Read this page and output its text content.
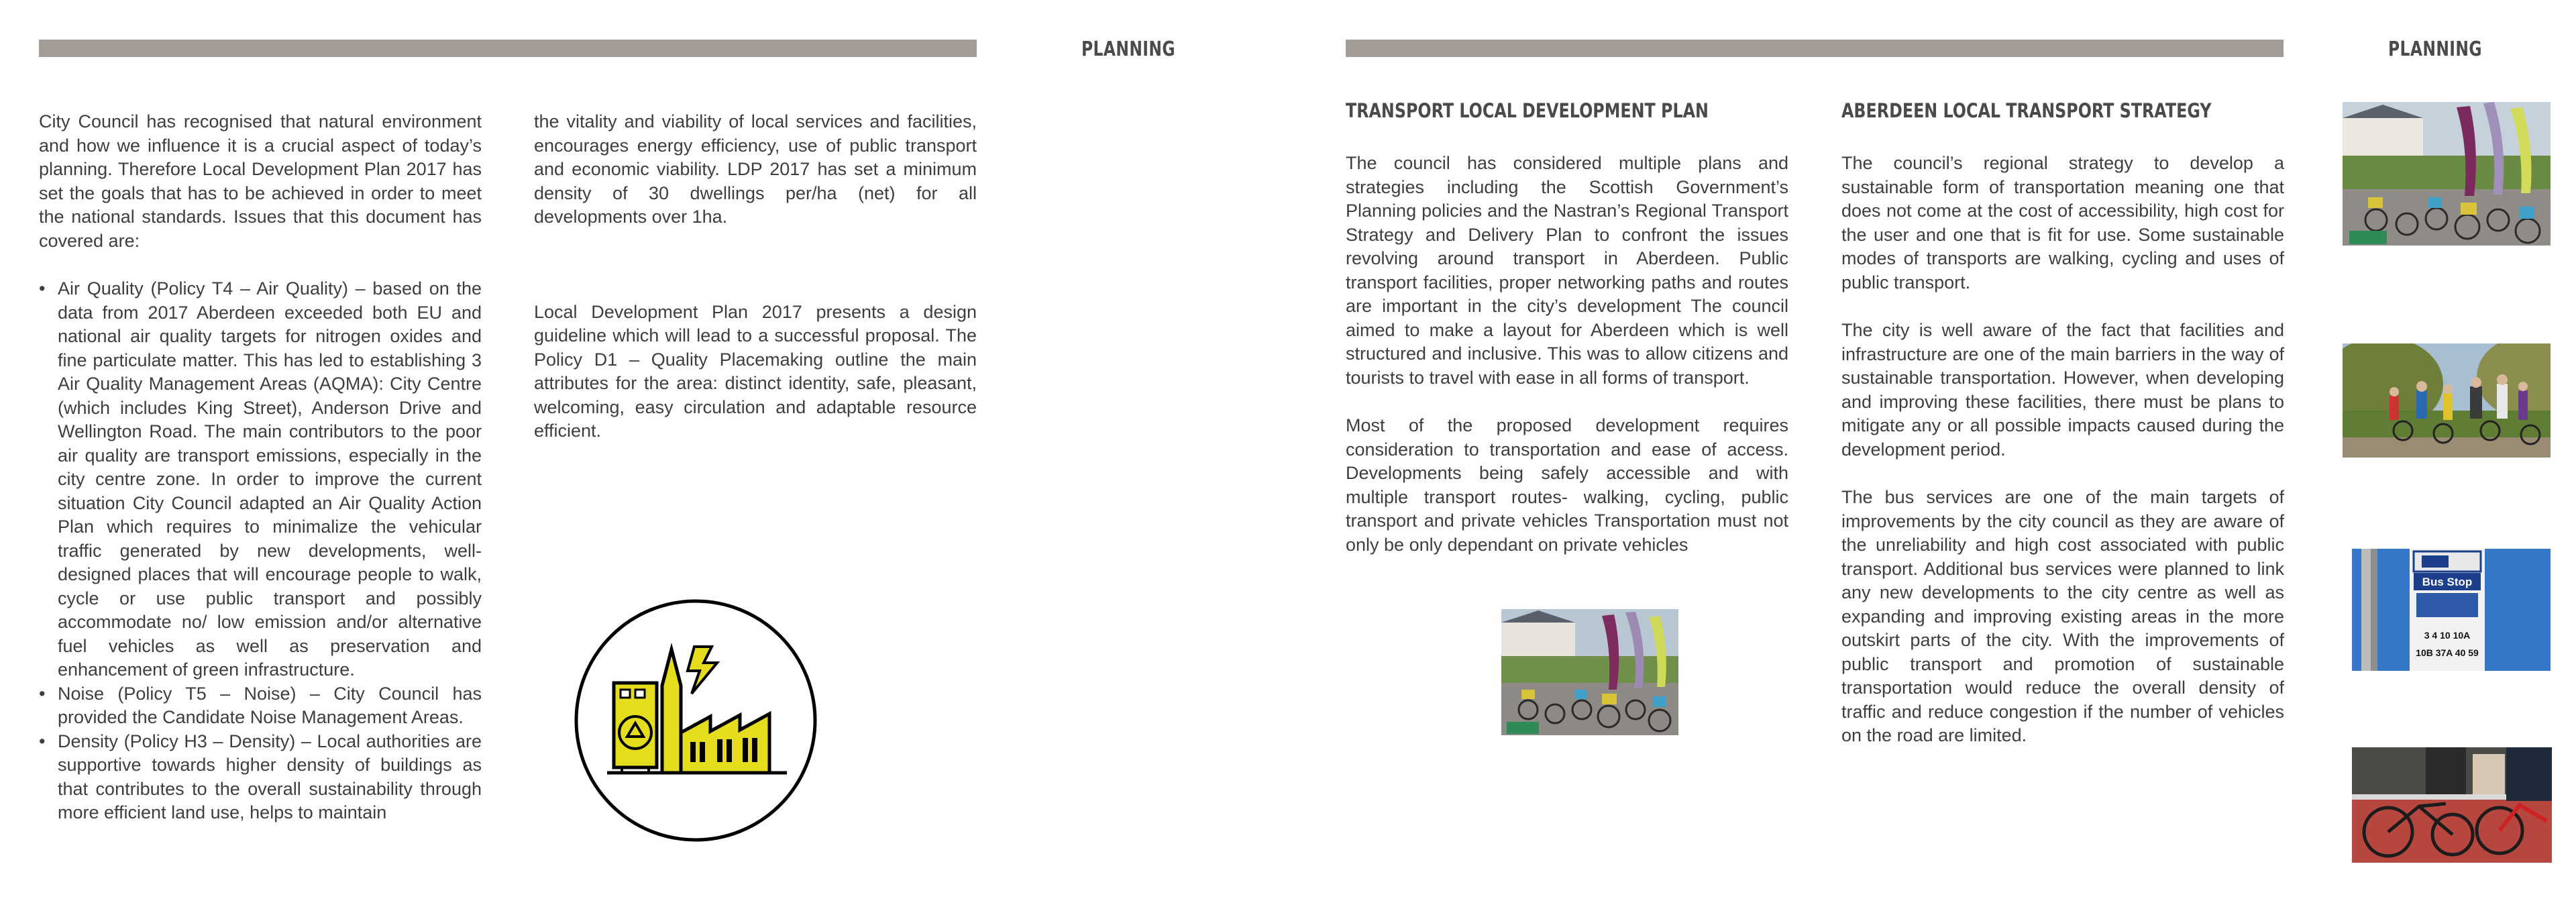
PLANNING

City Council has recognised that natural environment and how we influence it is a crucial aspect of today’s planning. Therefore Local Development Plan 2017 has set the goals that has to be achieved in order to meet the national standards. Issues that this document has covered are:

• Air Quality (Policy T4 – Air Quality) – based on the data from 2017 Aberdeen exceeded both EU and national air quality targets for nitrogen oxides and fine particulate matter. This has led to establishing 3 Air Quality Management Areas (AQMA): City Centre (which includes King Street), Anderson Drive and Wellington Road. The main contributors to the poor air quality are transport emissions, especially in the city centre zone. In order to improve the current situation City Council adapted an Air Quality Action Plan which requires to minimalize the vehicular traffic generated by new developments, well-designed places that will encourage people to walk, cycle or use public transport and possibly accommodate no/ low emission and/or alternative fuel vehicles as well as preservation and enhancement of green infrastructure.
• Noise (Policy T5 – Noise) – City Council has provided the Candidate Noise Management Areas.
• Density (Policy H3 – Density) – Local authorities are supportive towards higher density of buildings as that contributes to the overall sustainability through more efficient land use, helps to maintain

the vitality and viability of local services and facilities, encourages energy efficiency, use of public transport and economic viability. LDP 2017 has set a minimum density of 30 dwellings per/ha (net) for all developments over 1ha.

Local Development Plan 2017 presents a design guideline which will lead to a successful proposal. The Policy D1 – Quality Placemaking outline the main attributes for the area: distinct identity, safe, pleasant, welcoming, easy circulation and adaptable resource efficient.

PLANNING
TRANSPORT LOCAL DEVELOPMENT PLAN

The council has considered multiple plans and strategies including the Scottish Government’s Planning policies and the Nastran’s Regional Transport Strategy and Delivery Plan to confront the issues revolving around transport in Aberdeen. Public transport facilities, proper networking paths and routes are important in the city’s development The council aimed to make a layout for Aberdeen which is well structured and inclusive. This was to allow citizens and tourists to travel with ease in all forms of transport.

Most of the proposed development requires consideration to transportation and ease of access. Developments being safely accessible and with multiple transport routes- walking, cycling, public transport and private vehicles Transportation must not only be only dependant on private vehicles

ABERDEEN LOCAL TRANSPORT STRATEGY

The council’s regional strategy to develop a sustainable form of transportation meaning one that does not come at the cost of accessibility, high cost for the user and one that is fit for use. Some sustainable modes of transports are walking, cycling and uses of public transport.

The city is well aware of the fact that facilities and infrastructure are one of the main barriers in the way of sustainable transportation. However, when developing and improving these facilities, there must be plans to mitigate any or all possible impacts caused during the development period.

The bus services are one of the main targets of improvements by the city council as they are aware of the unreliability and high cost associated with public transport. Additional bus services were planned to link any new developments to the city centre as well as expanding and improving existing areas in the more outskirt parts of the city. With the improvements of public transport and promotion of sustainable transportation would reduce the overall density of traffic and reduce congestion if the number of vehicles on the road are limited.

Bus Stop
3 4 10 10A
10B 37A 40 59
